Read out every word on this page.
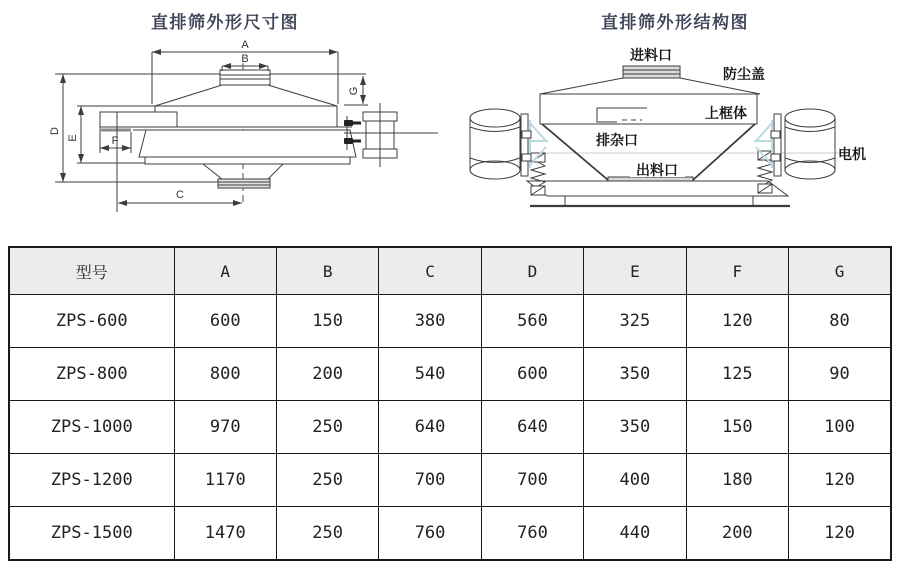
直排筛外形尺寸图	直排筛外形结构图
A
B
C
D
E	F
G
进料口
防尘盖
上框体
排杂口
出料口
电机
型号	A	B	C	D	E	F	G
ZPS-600	600	150	380	560	325	120	80
ZPS-800	800	200	540	600	350	125	90
ZPS-1000	970	250	640	640	350	150	100
ZPS-1200	1170	250	700	700	400	180	120
ZPS-1500	1470	250	760	760	440	200	120
